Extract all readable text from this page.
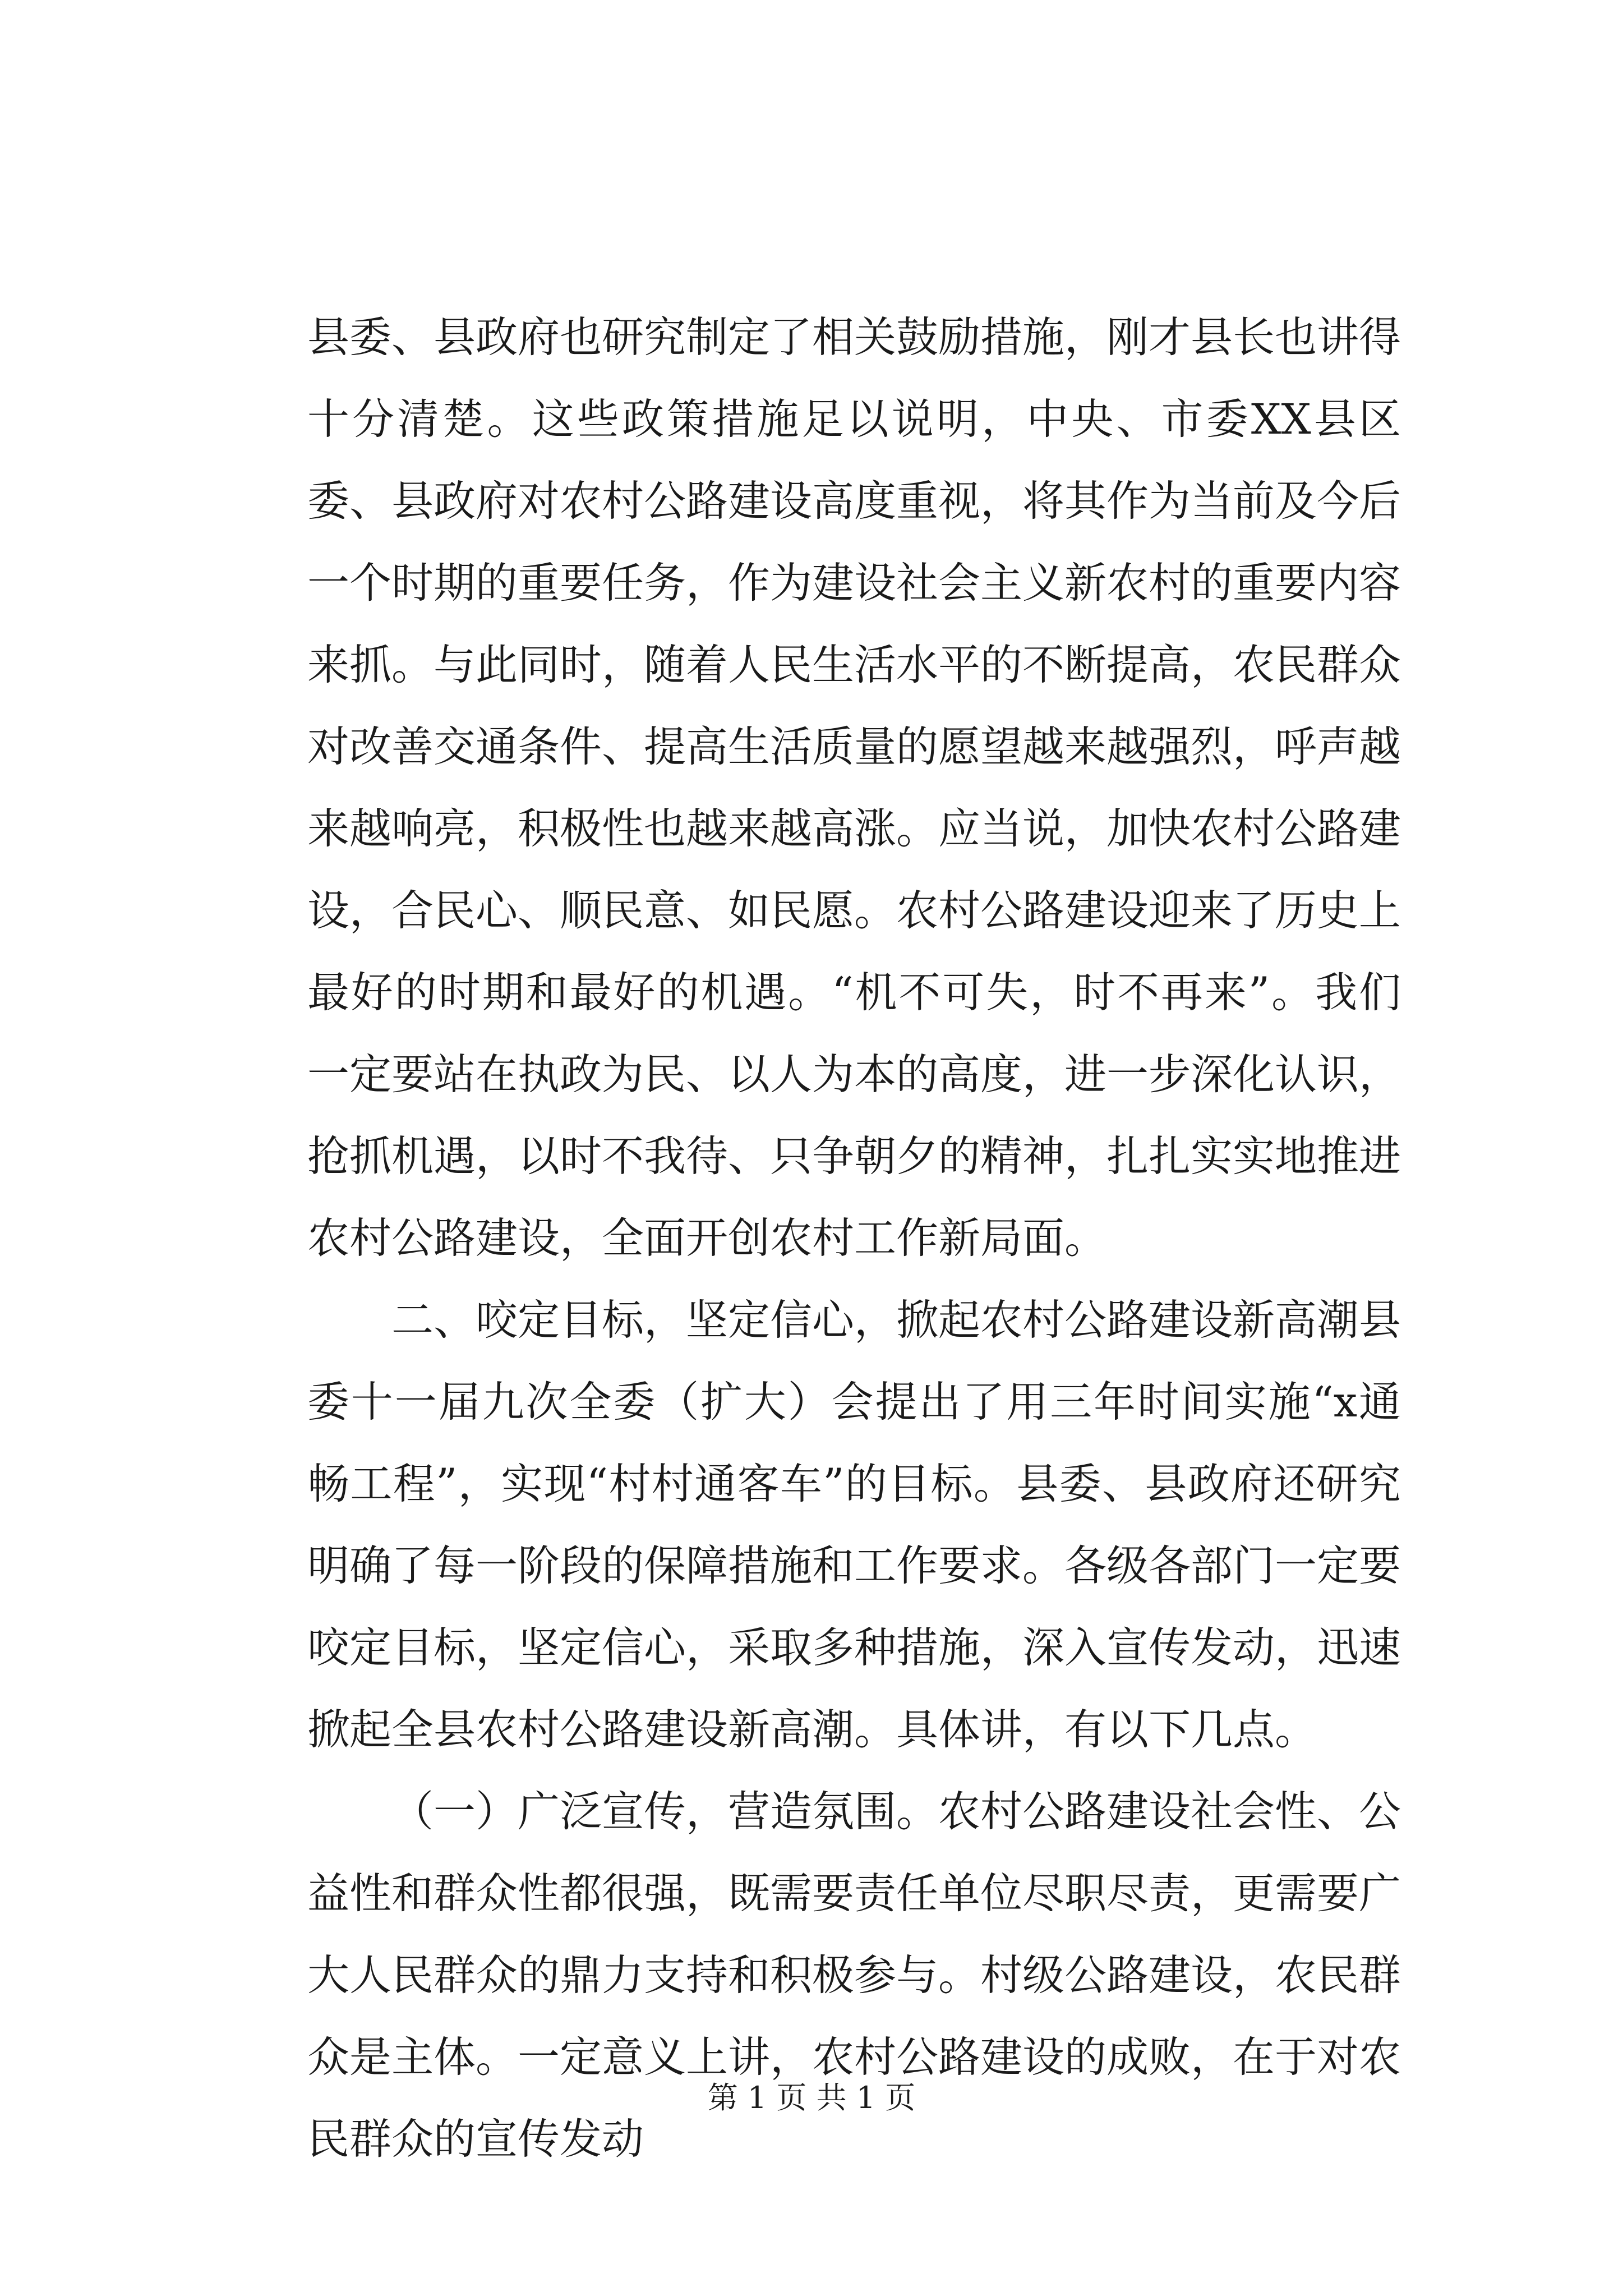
县委、县政府也研究制定了相关鼓励措施，刚才县长也讲得十分清楚。这些政策措施足以说明，中央、市委XX县区委、县政府对农村公路建设高度重视，将其作为当前及今后一个时期的重要任务，作为建设社会主义新农村的重要内容来抓。与此同时，随着人民生活水平的不断提高，农民群众对改善交通条件、提高生活质量的愿望越来越强烈，呼声越来越响亮，积极性也越来越高涨。应当说，加快农村公路建设，合民心、顺民意、如民愿。农村公路建设迎来了历史上最好的时期和最好的机遇。“机不可失，时不再来”。我们一定要站在执政为民、以人为本的高度，进一步深化认识，抢抓机遇，以时不我待、只争朝夕的精神，扎扎实实地推进农村公路建设，全面开创农村工作新局面。

二、咬定目标，坚定信心，掀起农村公路建设新高潮县委十一届九次全委（扩大）会提出了用三年时间实施“x通畅工程”，实现“村村通客车”的目标。县委、县政府还研究明确了每一阶段的保障措施和工作要求。各级各部门一定要咬定目标，坚定信心，采取多种措施，深入宣传发动，迅速掀起全县农村公路建设新高潮。具体讲，有以下几点。

（一）广泛宣传，营造氛围。农村公路建设社会性、公益性和群众性都很强，既需要责任单位尽职尽责，更需要广大人民群众的鼎力支持和积极参与。村级公路建设，农民群众是主体。一定意义上讲，农村公路建设的成败，在于对农民群众的宣传发动

第 1 页 共 1 页
